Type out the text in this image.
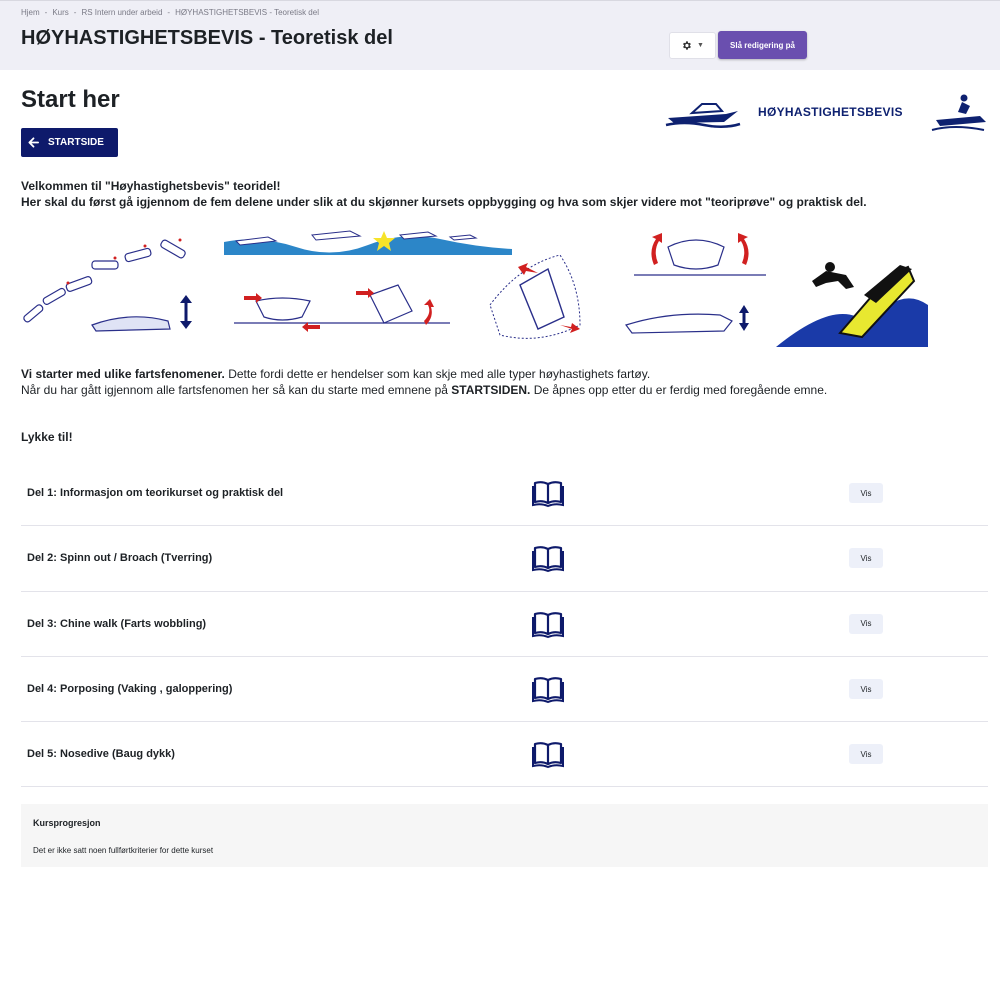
Hjem - Kurs - RS Intern under arbeid - HØYHASTIGHETSBEVIS - Teoretisk del
HØYHASTIGHETSBEVIS - Teoretisk del	▼	Slå redigering på
Start her
STARTSIDE
HØYHASTIGHETSBEVIS
Velkommen til "Høyhastighetsbevis" teoridel!
Her skal du først gå igjennom de fem delene under slik at du skjønner kursets oppbygging og hva som skjer videre mot "teoriprøve" og praktisk del.
Vi starter med ulike fartsfenomener. Dette fordi dette er hendelser som kan skje med alle typer høyhastighets fartøy.
Når du har gått igjennom alle fartsfenomen her så kan du starte med emnene på STARTSIDEN. De åpnes opp etter du er ferdig med foregående emne.
Lykke til!
Del 1: Informasjon om teorikurset og praktisk del	Vis
Del 2: Spinn out / Broach (Tverring)	Vis
Del 3: Chine walk (Farts wobbling)	Vis
Del 4: Porposing (Vaking , galoppering)	Vis
Del 5: Nosedive (Baug dykk)	Vis
Kursprogresjon
Det er ikke satt noen fullførtkriterier for dette kurset
